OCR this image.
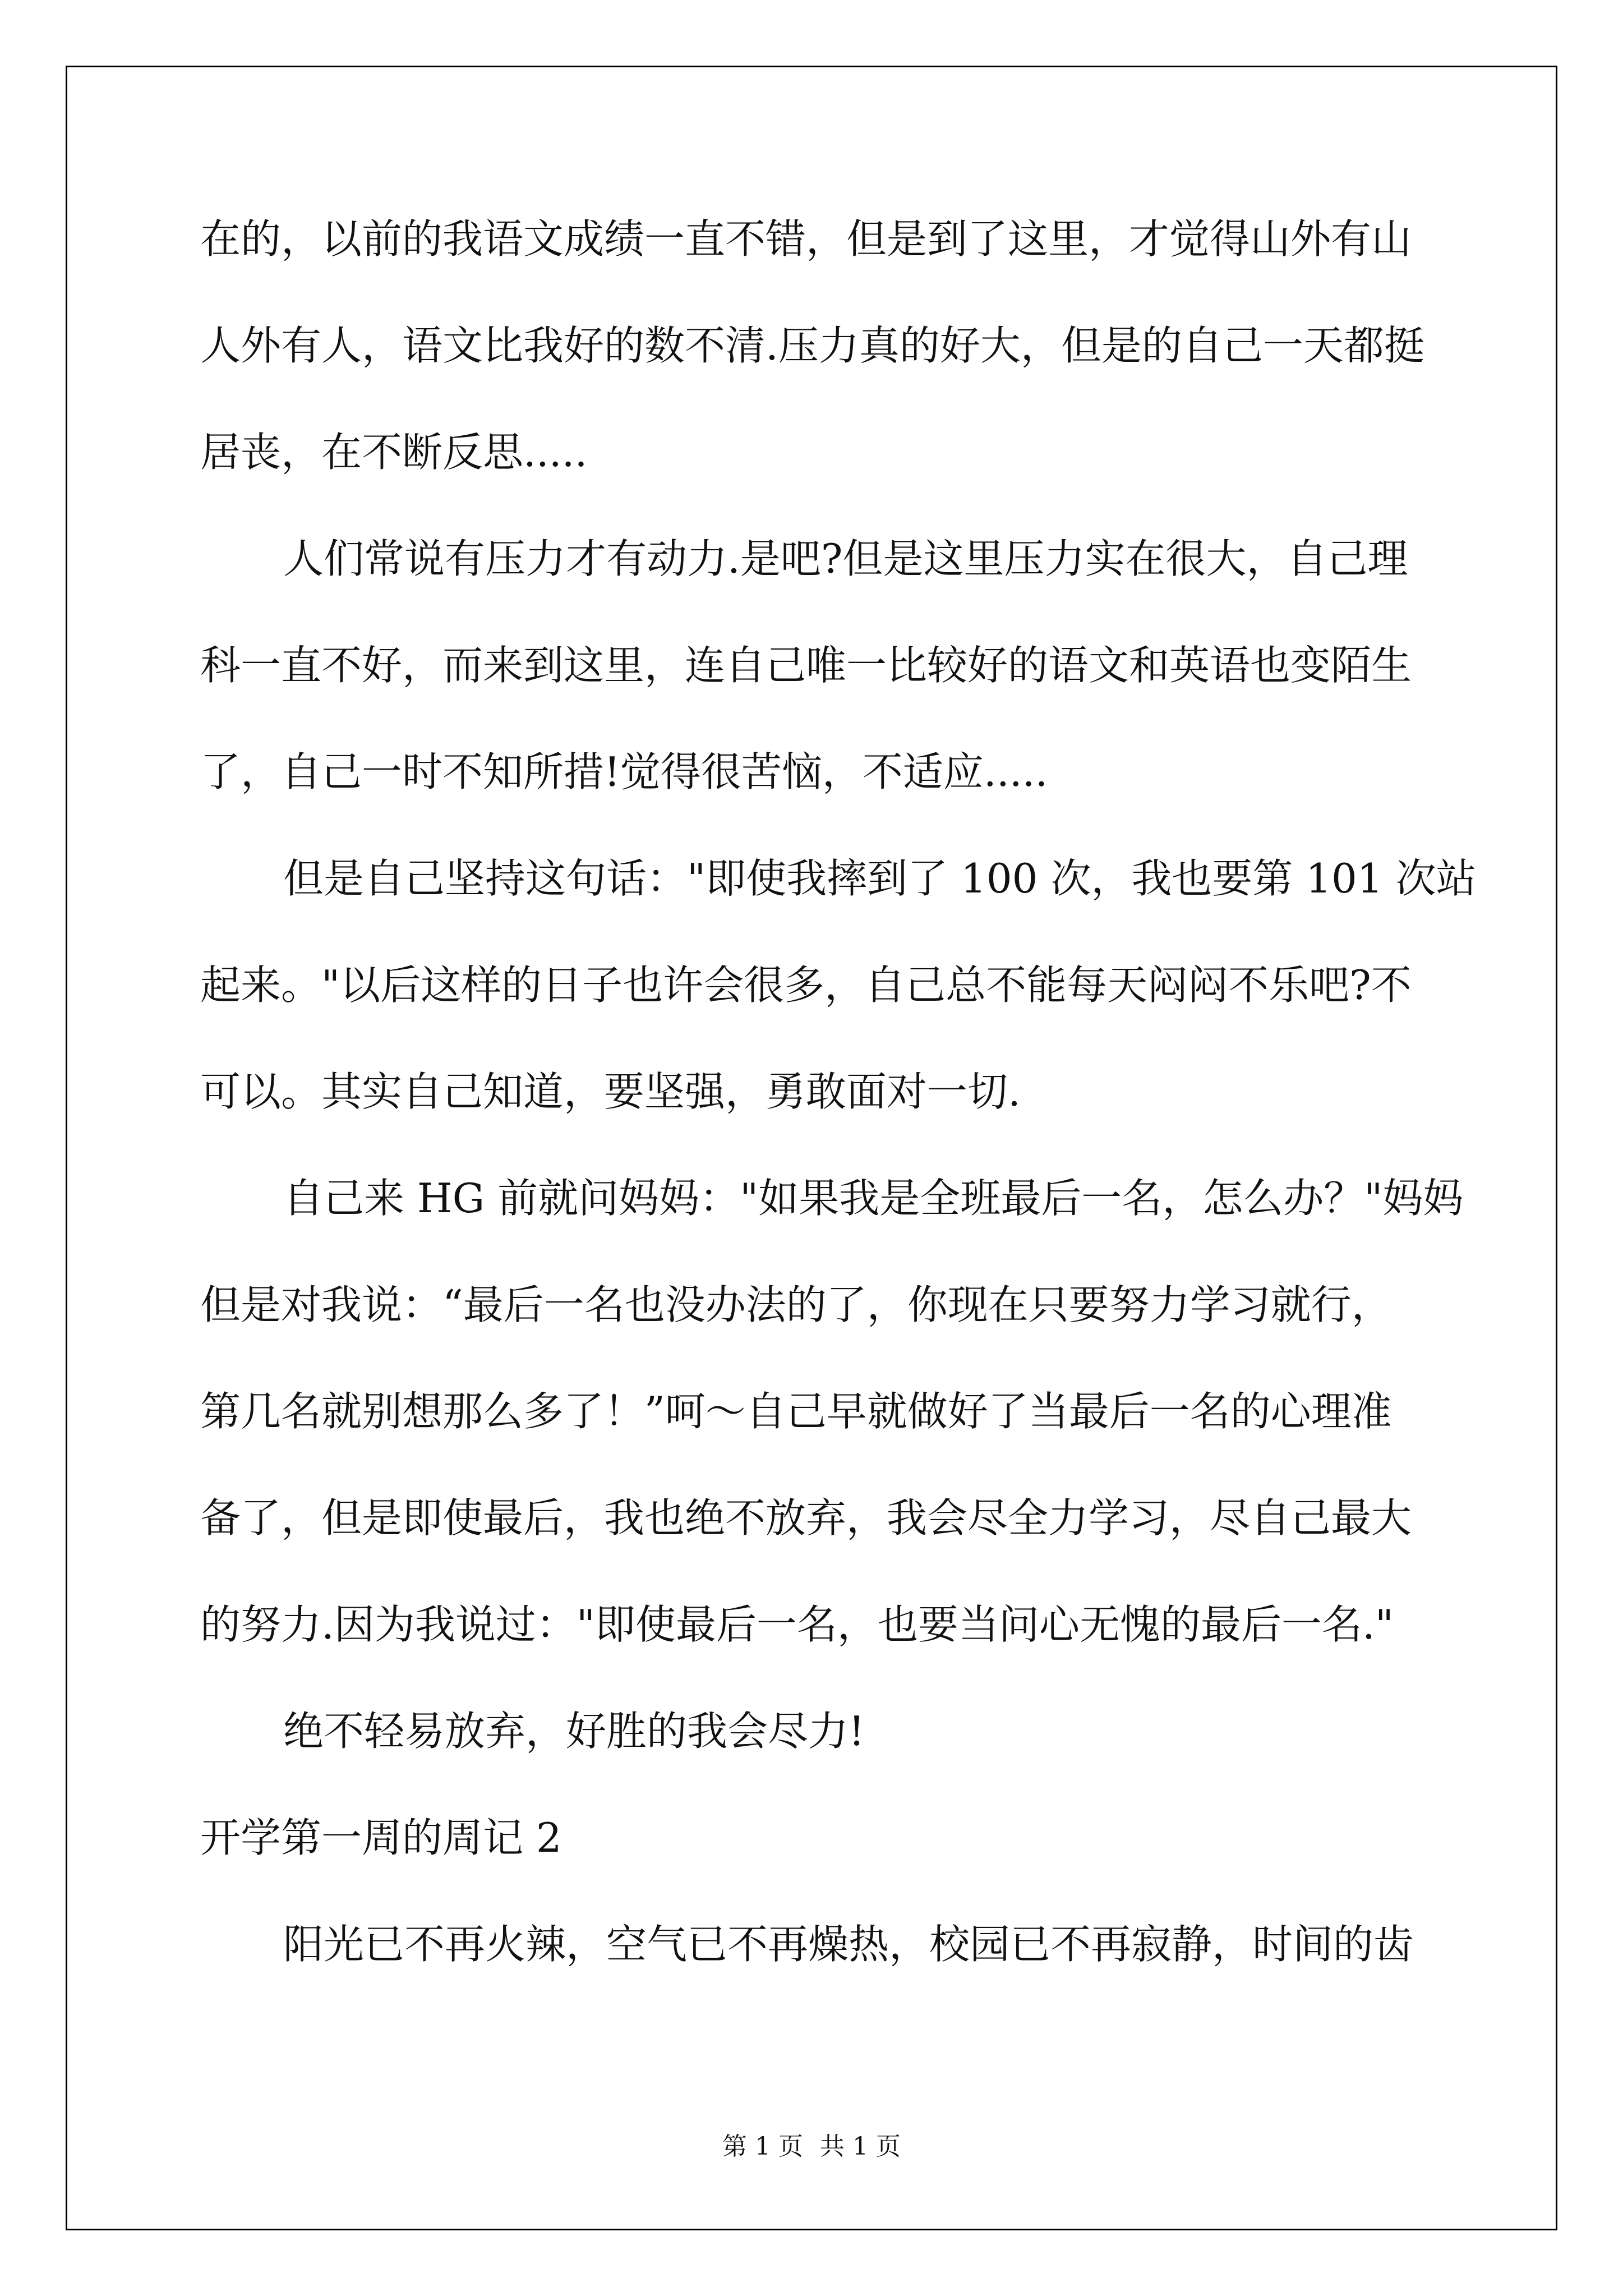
在的，以前的我语文成绩一直不错，但是到了这里，才觉得山外有山
人外有人，语文比我好的数不清.压力真的好大，但是的自己一天都挺
居丧，在不断反思.....
人们常说有压力才有动力.是吧?但是这里压力实在很大，自己理
科一直不好，而来到这里，连自己唯一比较好的语文和英语也变陌生
了，自己一时不知所措!觉得很苦恼，不适应.....
但是自己坚持这句话："即使我摔到了 100 次，我也要第 101 次站
起来。"以后这样的日子也许会很多，自己总不能每天闷闷不乐吧?不
可以。其实自己知道，要坚强，勇敢面对一切.
自己来 HG 前就问妈妈："如果我是全班最后一名，怎么办？"妈妈
但是对我说：“最后一名也没办法的了，你现在只要努力学习就行，
第几名就别想那么多了！”呵～自己早就做好了当最后一名的心理准
备了，但是即使最后，我也绝不放弃，我会尽全力学习，尽自己最大
的努力.因为我说过："即使最后一名，也要当问心无愧的最后一名."
绝不轻易放弃，好胜的我会尽力!
开学第一周的周记 2
阳光已不再火辣，空气已不再燥热，校园已不再寂静，时间的齿
第 1 页 共 1 页
